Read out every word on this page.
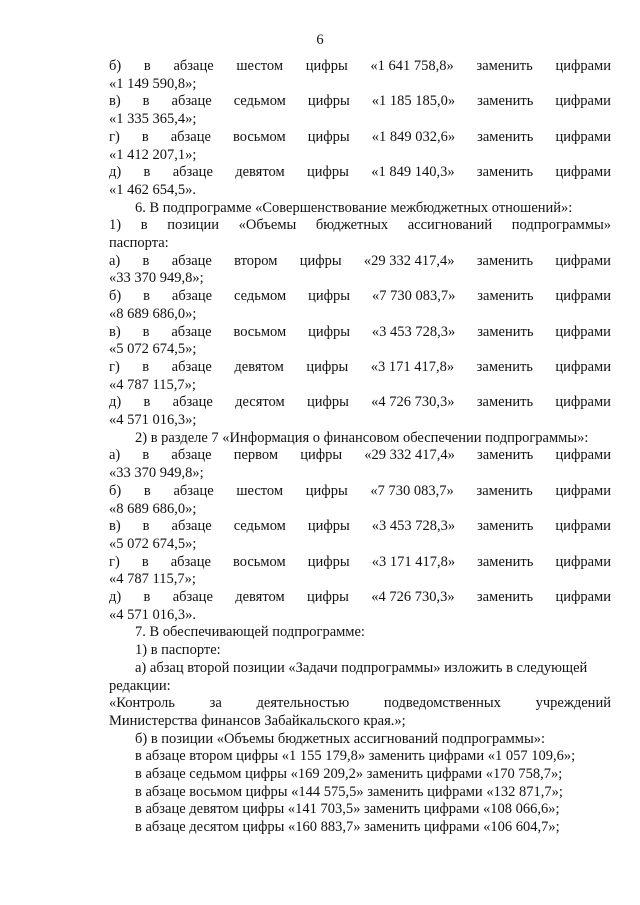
6
б) в абзаце шестом цифры «1 641 758,8» заменить цифрами
«1 149 590,8»;
в) в абзаце седьмом цифры «1 185 185,0» заменить цифрами
«1 335 365,4»;
г) в абзаце восьмом цифры «1 849 032,6» заменить цифрами
«1 412 207,1»;
д) в абзаце девятом цифры «1 849 140,3» заменить цифрами
«1 462 654,5».
6. В подпрограмме «Совершенствование межбюджетных отношений»:
1) в позиции «Объемы бюджетных ассигнований подпрограммы»
паспорта:
а) в абзаце втором цифры «29 332 417,4» заменить цифрами
«33 370 949,8»;
б) в абзаце седьмом цифры «7 730 083,7» заменить цифрами
«8 689 686,0»;
в) в абзаце восьмом цифры «3 453 728,3» заменить цифрами
«5 072 674,5»;
г) в абзаце девятом цифры «3 171 417,8» заменить цифрами
«4 787 115,7»;
д) в абзаце десятом цифры «4 726 730,3» заменить цифрами
«4 571 016,3»;
2) в разделе 7 «Информация о финансовом обеспечении подпрограммы»:
а) в абзаце первом цифры «29 332 417,4» заменить цифрами
«33 370 949,8»;
б) в абзаце шестом цифры «7 730 083,7» заменить цифрами
«8 689 686,0»;
в) в абзаце седьмом цифры «3 453 728,3» заменить цифрами
«5 072 674,5»;
г) в абзаце восьмом цифры «3 171 417,8» заменить цифрами
«4 787 115,7»;
д) в абзаце девятом цифры «4 726 730,3» заменить цифрами
«4 571 016,3».
7. В обеспечивающей подпрограмме:
1) в паспорте:
а) абзац второй позиции «Задачи подпрограммы» изложить в следующей
редакции:
«Контроль за деятельностью подведомственных учреждений
Министерства финансов Забайкальского края.»;
б) в позиции «Объемы бюджетных ассигнований подпрограммы»:
в абзаце втором цифры «1 155 179,8» заменить цифрами «1 057 109,6»;
в абзаце седьмом цифры «169 209,2» заменить цифрами «170 758,7»;
в абзаце восьмом цифры «144 575,5» заменить цифрами «132 871,7»;
в абзаце девятом цифры «141 703,5» заменить цифрами «108 066,6»;
в абзаце десятом цифры «160 883,7» заменить цифрами «106 604,7»;
